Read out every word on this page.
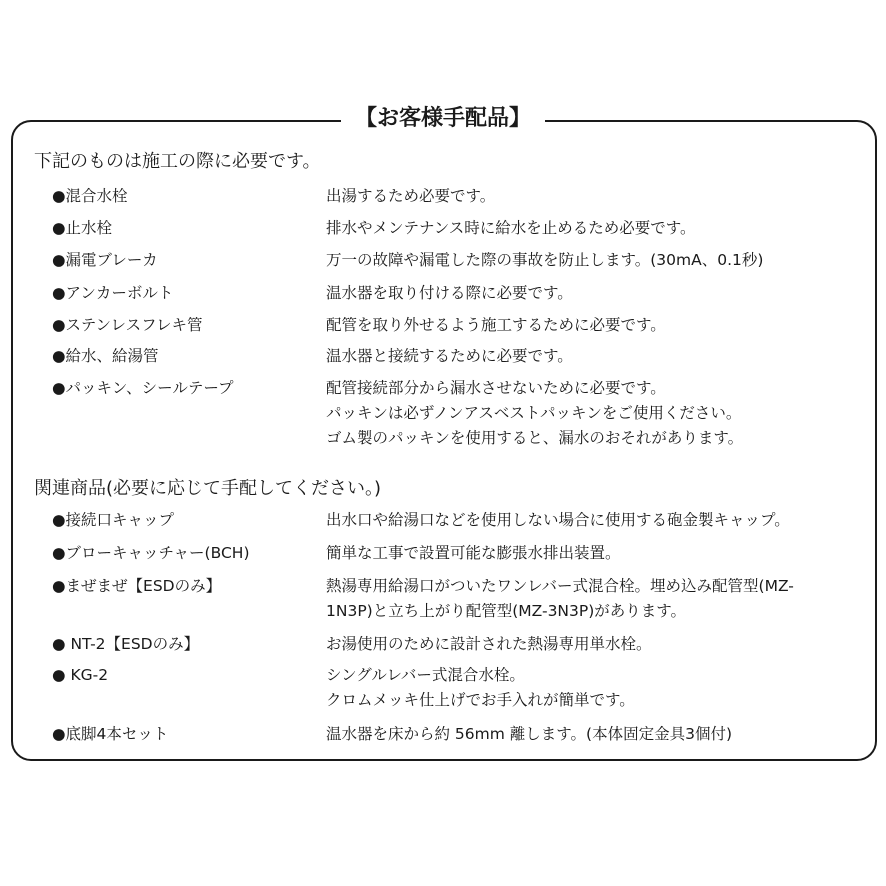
【お客様手配品】
下記のものは施工の際に必要です。
●混合水栓	出湯するため必要です。
●止水栓	排水やメンテナンス時に給水を止めるため必要です。
●漏電ブレーカ	万一の故障や漏電した際の事故を防止します。(30mA、0.1秒)
●アンカーボルト	温水器を取り付ける際に必要です。
●ステンレスフレキ管	配管を取り外せるよう施工するために必要です。
●給水、給湯管	温水器と接続するために必要です。
●パッキン、シールテープ	配管接続部分から漏水させないために必要です。
パッキンは必ずノンアスベストパッキンをご使用ください。
ゴム製のパッキンを使用すると、漏水のおそれがあります。
関連商品(必要に応じて手配してください。)
●接続口キャップ	出水口や給湯口などを使用しない場合に使用する砲金製キャップ。
●ブローキャッチャー(BCH)	簡単な工事で設置可能な膨張水排出装置。
●まぜまぜ【ESDのみ】	熱湯専用給湯口がついたワンレバー式混合栓。埋め込み配管型(MZ-
1N3P)と立ち上がり配管型(MZ-3N3P)があります。
● NT-2【ESDのみ】	お湯使用のために設計された熱湯専用単水栓。
● KG-2	シングルレバー式混合水栓。
クロムメッキ仕上げでお手入れが簡単です。
●底脚4本セット	温水器を床から約 56mm 離します。(本体固定金具3個付)
